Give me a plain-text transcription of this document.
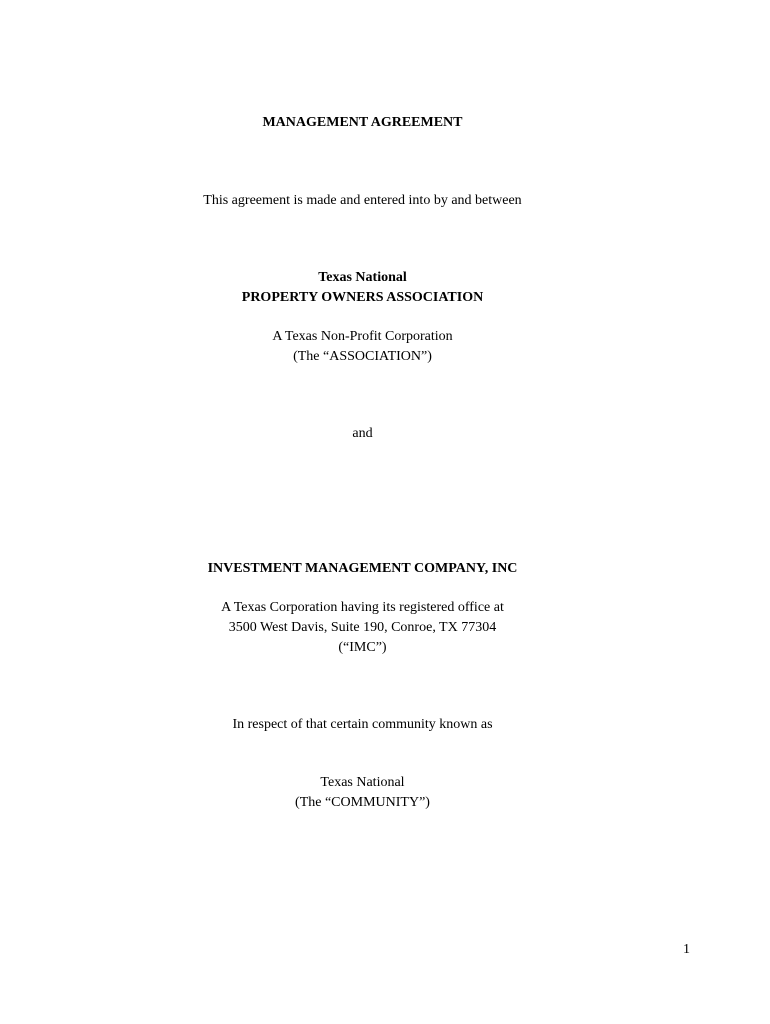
MANAGEMENT AGREEMENT
This agreement is made and entered into by and between
Texas National
PROPERTY OWNERS ASSOCIATION
A Texas Non-Profit Corporation
(The “ASSOCIATION”)
and
INVESTMENT MANAGEMENT COMPANY, INC
A Texas Corporation having its registered office at
3500 West Davis, Suite 190, Conroe, TX 77304
(“IMC”)
In respect of that certain community known as
Texas National
(The “COMMUNITY”)
1
